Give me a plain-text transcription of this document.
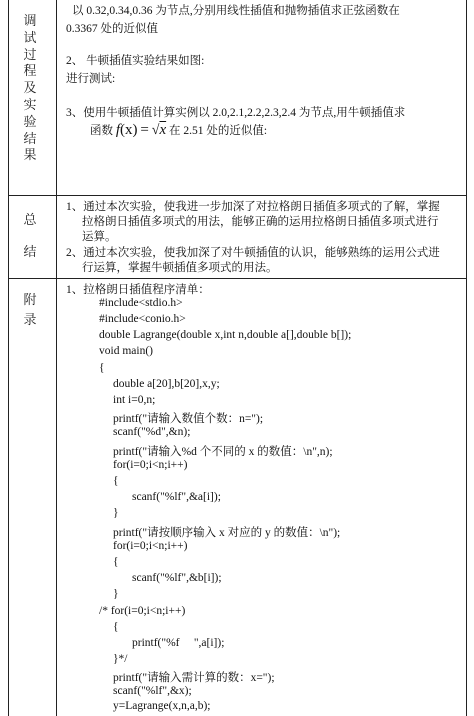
调
试
过
程
及
实
验
结
果
以 0.32,0.34,0.36 为节点,分别用线性插值和抛物插值求正弦函数在
0.3367 处的近似值
2、 牛顿插值实验结果如图:
进行测试:
3、使用牛顿插值计算实例以 2.0,2.1,2.2,2.3,2.4 为节点,用牛顿插值求
函数 f(x) = √x 在 2.51 处的近似值:
总
结
1、通过本次实验，使我进一步加深了对拉格朗日插值多项式的了解，掌握
拉格朗日插值多项式的用法，能够正确的运用拉格朗日插值多项式进行
运算。
2、通过本次实验，使我加深了对牛顿插值的认识，能够熟练的运用公式进
行运算，掌握牛顿插值多项式的用法。
附
录
1、拉格朗日插值程序清单：
#include<stdio.h>
#include<conio.h>
double Lagrange(double x,int n,double a[],double b[]);
void main()
{
double a[20],b[20],x,y;
int i=0,n;
printf("请输入数值个数：n=");
scanf("%d",&n);
printf("请输入%d 个不同的 x 的数值：\n",n);
for(i=0;i<n;i++)
{
scanf("%lf",&a[i]);
}
printf("请按顺序输入 x 对应的 y 的数值：\n");
for(i=0;i<n;i++)
{
scanf("%lf",&b[i]);
}
/* for(i=0;i<n;i++)
{
printf("%f     ",a[i]);
}*/
printf("请输入需计算的数：x=");
scanf("%lf",&x);
y=Lagrange(x,n,a,b);
